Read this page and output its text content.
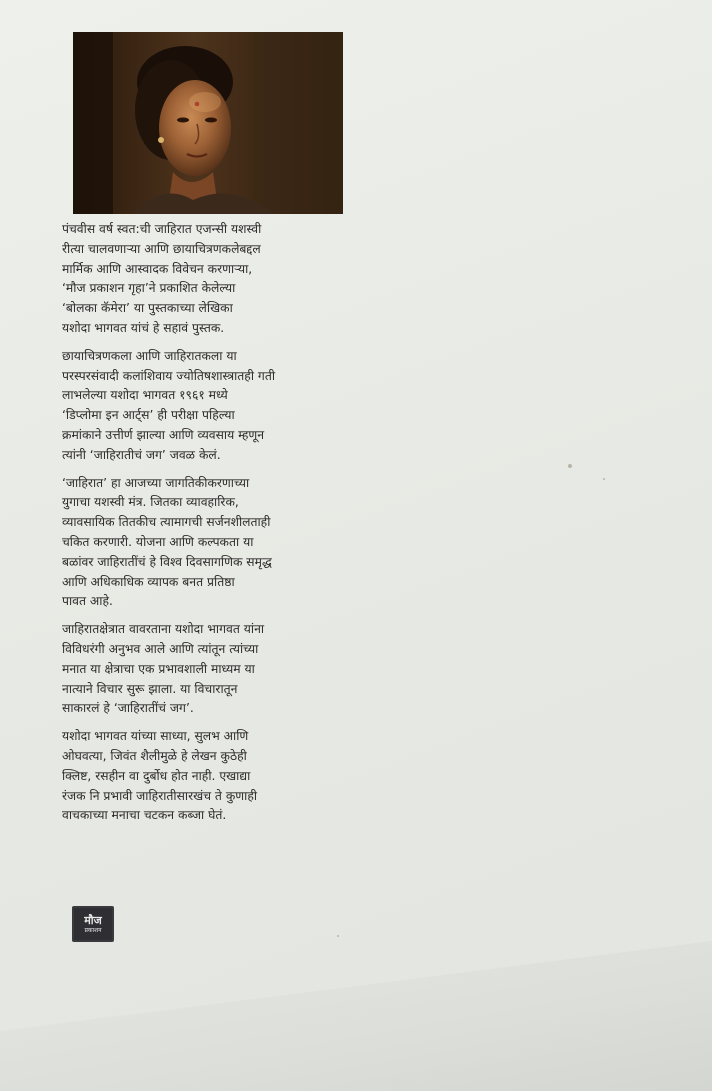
पंचवीस वर्ष स्वत:ची जाहिरात एजन्सी यशस्वी
रीत्या चालवणाऱ्या आणि छायाचित्रणकलेबद्दल
मार्मिक आणि आस्वादक विवेचन करणाऱ्या,
‘मौज प्रकाशन गृहा’ने प्रकाशित केलेल्या
‘बोलका कॅमेरा’ या पुस्तकाच्या लेखिका
यशोदा भागवत यांचं हे सहावं पुस्तक.

छायाचित्रणकला आणि जाहिरातकला या
परस्परसंवादी कलांशिवाय ज्योतिषशास्त्रातही गती
लाभलेल्या यशोदा भागवत १९६१ मध्ये
‘डिप्लोमा इन आर्ट्स’ ही परीक्षा पहिल्या
क्रमांकाने उत्तीर्ण झाल्या आणि व्यवसाय म्हणून
त्यांनी ‘जाहिरातीचं जग’ जवळ केलं.

‘जाहिरात’ हा आजच्या जागतिकीकरणाच्या
युगाचा यशस्वी मंत्र. जितका व्यावहारिक,
व्यावसायिक तितकीच त्यामागची सर्जनशीलताही
चकित करणारी. योजना आणि कल्पकता या
बळांवर जाहिरातींचं हे विश्व दिवसागणिक समृद्ध
आणि अधिकाधिक व्यापक बनत प्रतिष्ठा
पावत आहे.

जाहिरातक्षेत्रात वावरताना यशोदा भागवत यांना
विविधरंगी अनुभव आले आणि त्यांतून त्यांच्या
मनात या क्षेत्राचा एक प्रभावशाली माध्यम या
नात्याने विचार सुरू झाला. या विचारातून
साकारलं हे ‘जाहिरातींचं जग’.

यशोदा भागवत यांच्या साध्या, सुलभ आणि
ओघवत्या, जिवंत शैलीमुळे हे लेखन कुठेही
क्लिष्ट, रसहीन वा दुर्बोध होत नाही. एखाद्या
रंजक नि प्रभावी जाहिरातीसारखंच ते कुणाही
वाचकाच्या मनाचा चटकन कब्जा घेतं.

मौज
प्रकाशन
